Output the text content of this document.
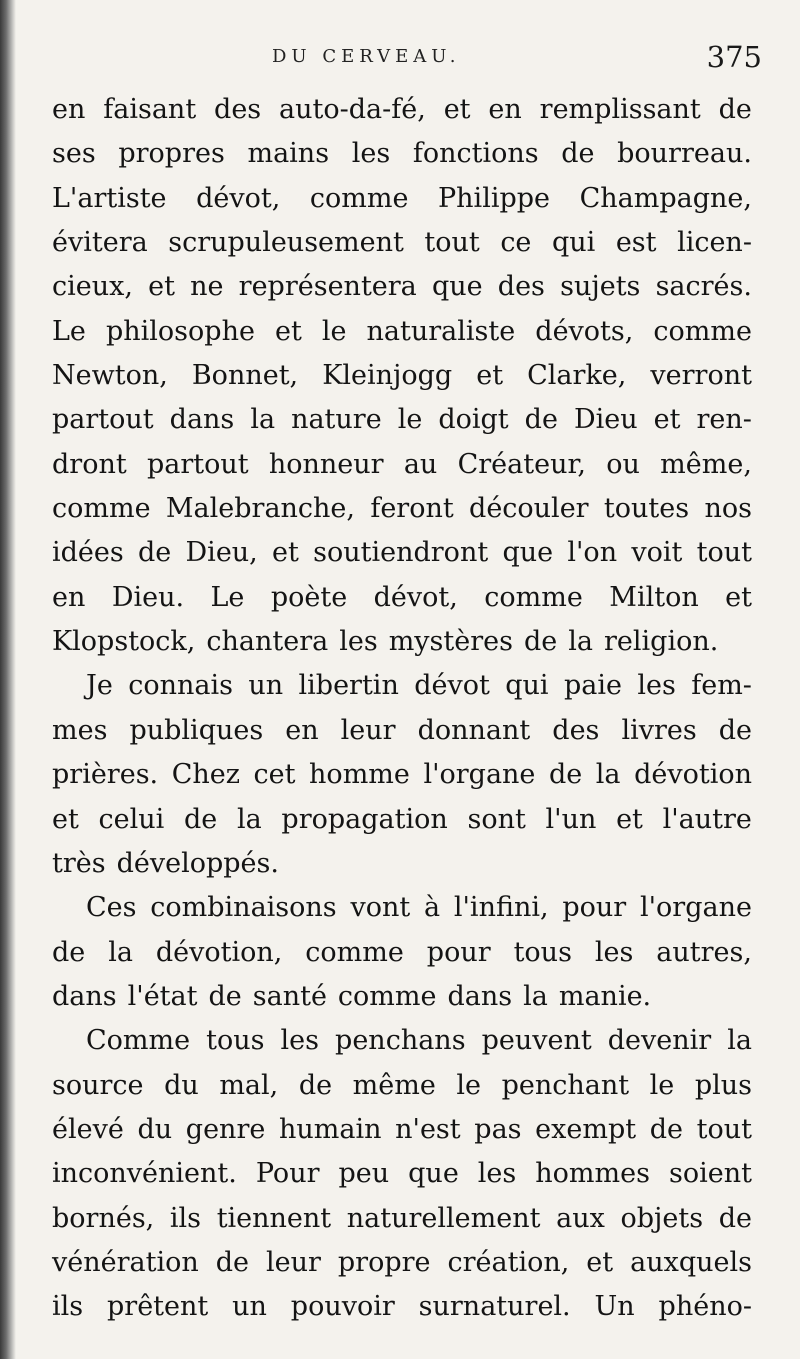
DU CERVEAU.	375
en faisant des auto-da-fé, et en remplissant de
ses propres mains les fonctions de bourreau.
L'artiste dévot, comme Philippe Champagne,
évitera scrupuleusement tout ce qui est licen-
cieux, et ne représentera que des sujets sacrés.
Le philosophe et le naturaliste dévots, comme
Newton, Bonnet, Kleinjogg et Clarke, verront
partout dans la nature le doigt de Dieu et ren-
dront partout honneur au Créateur, ou même,
comme Malebranche, feront découler toutes nos
idées de Dieu, et soutiendront que l'on voit tout
en Dieu. Le poète dévot, comme Milton et
Klopstock, chantera les mystères de la religion.
Je connais un libertin dévot qui paie les fem-
mes publiques en leur donnant des livres de
prières. Chez cet homme l'organe de la dévotion
et celui de la propagation sont l'un et l'autre
très développés.
Ces combinaisons vont à l'infini, pour l'organe
de la dévotion, comme pour tous les autres,
dans l'état de santé comme dans la manie.
Comme tous les penchans peuvent devenir la
source du mal, de même le penchant le plus
élevé du genre humain n'est pas exempt de tout
inconvénient. Pour peu que les hommes soient
bornés, ils tiennent naturellement aux objets de
vénération de leur propre création, et auxquels
ils prêtent un pouvoir surnaturel. Un phéno-
